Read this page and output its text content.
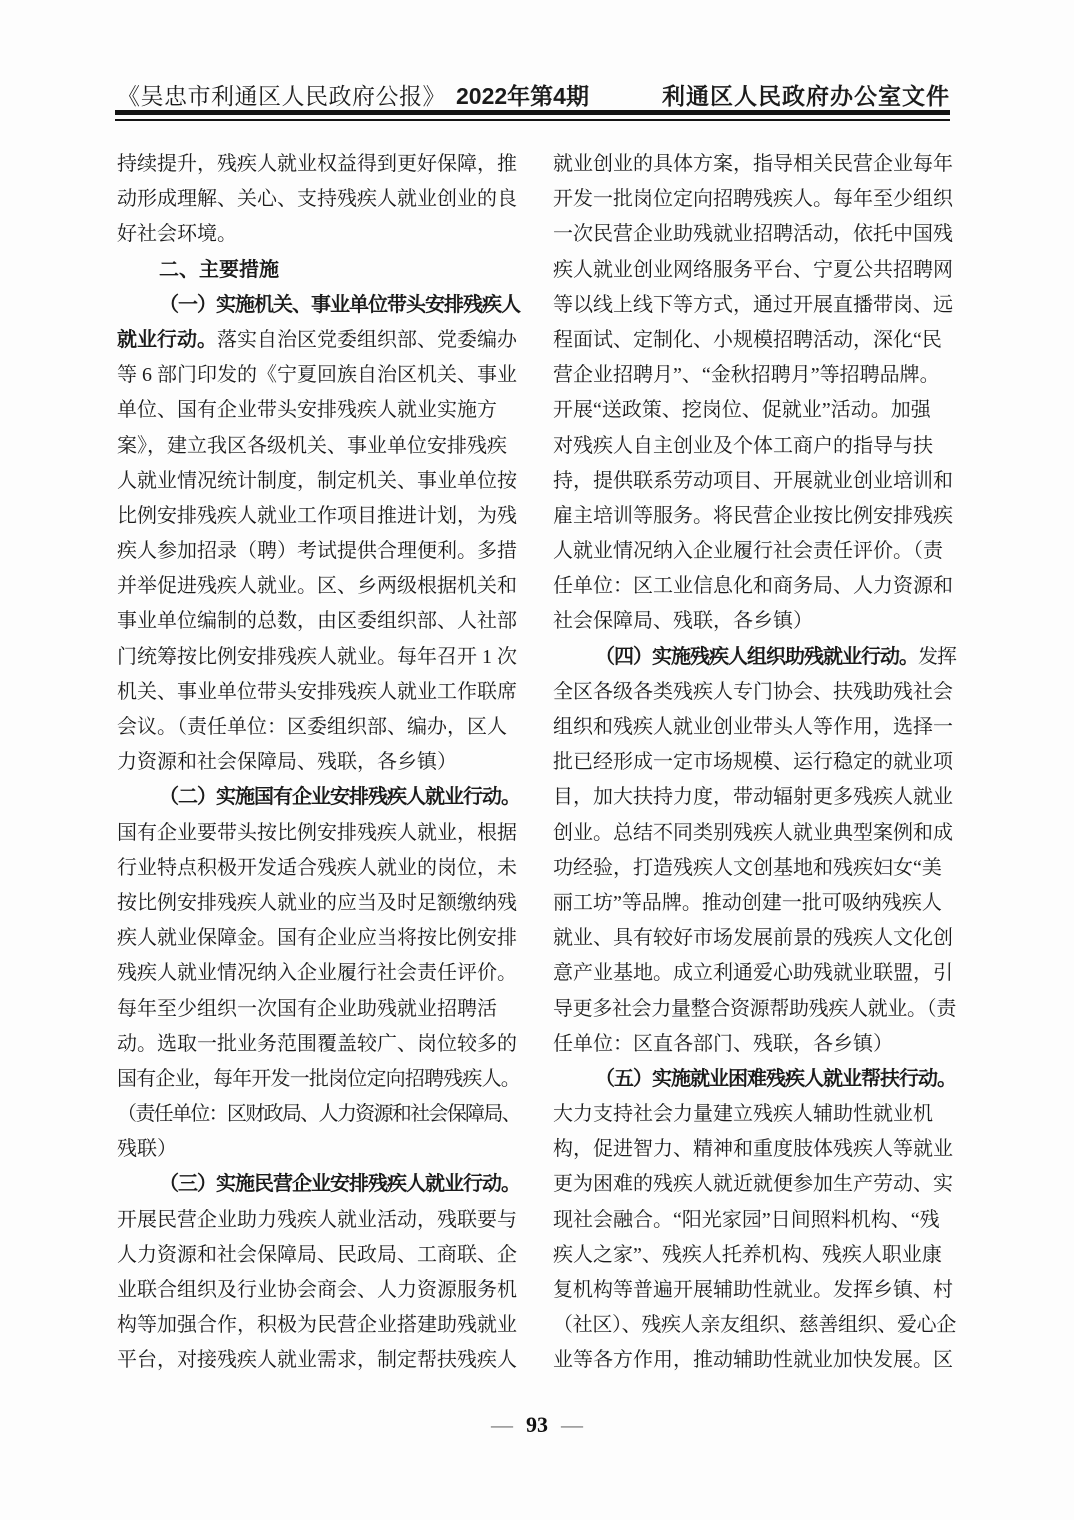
《吴忠市利通区人民政府公报》 2022年第4期	利通区人民政府办公室文件
持续提升，残疾人就业权益得到更好保障，推
动形成理解、关心、支持残疾人就业创业的良
好社会环境。
二、主要措施
（一）实施机关、事业单位带头安排残疾人
就业行动。落实自治区党委组织部、党委编办
等 6 部门印发的《宁夏回族自治区机关、事业
单位、国有企业带头安排残疾人就业实施方
案》，建立我区各级机关、事业单位安排残疾
人就业情况统计制度，制定机关、事业单位按
比例安排残疾人就业工作项目推进计划，为残
疾人参加招录（聘）考试提供合理便利。多措
并举促进残疾人就业。区、乡两级根据机关和
事业单位编制的总数，由区委组织部、人社部
门统筹按比例安排残疾人就业。每年召开 1 次
机关、事业单位带头安排残疾人就业工作联席
会议。（责任单位：区委组织部、编办，区人
力资源和社会保障局、残联，各乡镇）
（二）实施国有企业安排残疾人就业行动。
国有企业要带头按比例安排残疾人就业，根据
行业特点积极开发适合残疾人就业的岗位，未
按比例安排残疾人就业的应当及时足额缴纳残
疾人就业保障金。国有企业应当将按比例安排
残疾人就业情况纳入企业履行社会责任评价。
每年至少组织一次国有企业助残就业招聘活
动。选取一批业务范围覆盖较广、岗位较多的
国有企业，每年开发一批岗位定向招聘残疾人。
（责任单位：区财政局、人力资源和社会保障局、
残联）
（三）实施民营企业安排残疾人就业行动。
开展民营企业助力残疾人就业活动，残联要与
人力资源和社会保障局、民政局、工商联、企
业联合组织及行业协会商会、人力资源服务机
构等加强合作，积极为民营企业搭建助残就业
平台，对接残疾人就业需求，制定帮扶残疾人
就业创业的具体方案，指导相关民营企业每年
开发一批岗位定向招聘残疾人。每年至少组织
一次民营企业助残就业招聘活动，依托中国残
疾人就业创业网络服务平台、宁夏公共招聘网
等以线上线下等方式，通过开展直播带岗、远
程面试、定制化、小规模招聘活动，深化“民
营企业招聘月”、“金秋招聘月”等招聘品牌。
开展“送政策、挖岗位、促就业”活动。加强
对残疾人自主创业及个体工商户的指导与扶
持，提供联系劳动项目、开展就业创业培训和
雇主培训等服务。将民营企业按比例安排残疾
人就业情况纳入企业履行社会责任评价。（责
任单位：区工业信息化和商务局、人力资源和
社会保障局、残联，各乡镇）
（四）实施残疾人组织助残就业行动。发挥
全区各级各类残疾人专门协会、扶残助残社会
组织和残疾人就业创业带头人等作用，选择一
批已经形成一定市场规模、运行稳定的就业项
目，加大扶持力度，带动辐射更多残疾人就业
创业。总结不同类别残疾人就业典型案例和成
功经验，打造残疾人文创基地和残疾妇女“美
丽工坊”等品牌。推动创建一批可吸纳残疾人
就业、具有较好市场发展前景的残疾人文化创
意产业基地。成立利通爱心助残就业联盟，引
导更多社会力量整合资源帮助残疾人就业。（责
任单位：区直各部门、残联，各乡镇）
（五）实施就业困难残疾人就业帮扶行动。
大力支持社会力量建立残疾人辅助性就业机
构，促进智力、精神和重度肢体残疾人等就业
更为困难的残疾人就近就便参加生产劳动、实
现社会融合。“阳光家园”日间照料机构、“残
疾人之家”、残疾人托养机构、残疾人职业康
复机构等普遍开展辅助性就业。发挥乡镇、村
（社区）、残疾人亲友组织、慈善组织、爱心企
业等各方作用，推动辅助性就业加快发展。区
— 93 —
